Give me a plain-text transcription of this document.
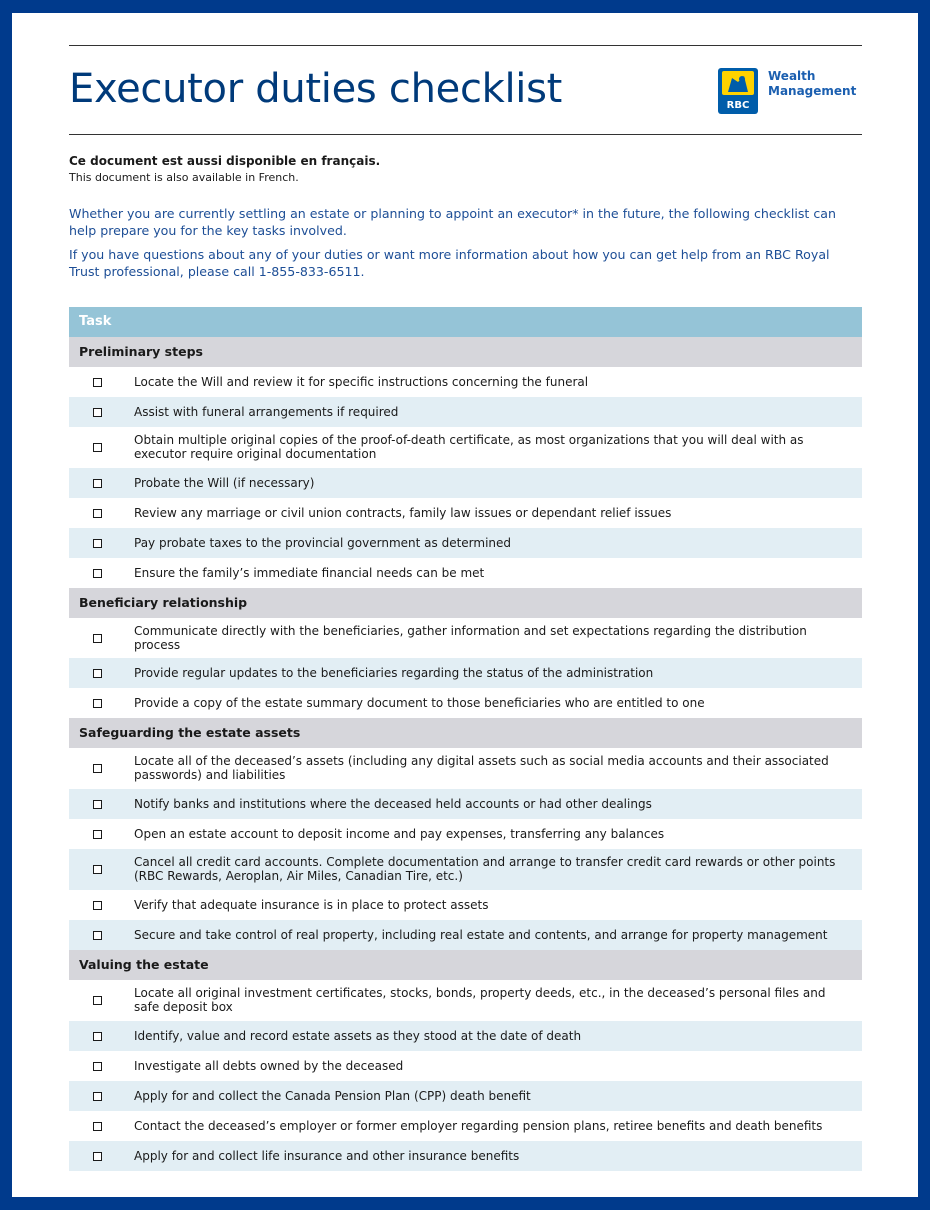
Executor duties checklist	RBC
Wealth
Management
Ce document est aussi disponible en français.
This document is also available in French.

Whether you are currently settling an estate or planning to appoint an executor* in the future, the following checklist can help prepare you for the key tasks involved.

If you have questions about any of your duties or want more information about how you can get help from an RBC Royal Trust professional, please call 1-855-833-6511.

Task
Preliminary steps
Locate the Will and review it for specific instructions concerning the funeral
Assist with funeral arrangements if required
Obtain multiple original copies of the proof-of-death certificate, as most organizations that you will deal with as executor require original documentation
Probate the Will (if necessary)
Review any marriage or civil union contracts, family law issues or dependant relief issues
Pay probate taxes to the provincial government as determined
Ensure the family’s immediate financial needs can be met
Beneficiary relationship
Communicate directly with the beneficiaries, gather information and set expectations regarding the distribution process
Provide regular updates to the beneficiaries regarding the status of the administration
Provide a copy of the estate summary document to those beneficiaries who are entitled to one
Safeguarding the estate assets
Locate all of the deceased’s assets (including any digital assets such as social media accounts and their associated passwords) and liabilities
Notify banks and institutions where the deceased held accounts or had other dealings
Open an estate account to deposit income and pay expenses, transferring any balances
Cancel all credit card accounts. Complete documentation and arrange to transfer credit card rewards or other points (RBC Rewards, Aeroplan, Air Miles, Canadian Tire, etc.)
Verify that adequate insurance is in place to protect assets
Secure and take control of real property, including real estate and contents, and arrange for property management
Valuing the estate
Locate all original investment certificates, stocks, bonds, property deeds, etc., in the deceased’s personal files and safe deposit box
Identify, value and record estate assets as they stood at the date of death
Investigate all debts owned by the deceased
Apply for and collect the Canada Pension Plan (CPP) death benefit
Contact the deceased’s employer or former employer regarding pension plans, retiree benefits and death benefits
Apply for and collect life insurance and other insurance benefits
